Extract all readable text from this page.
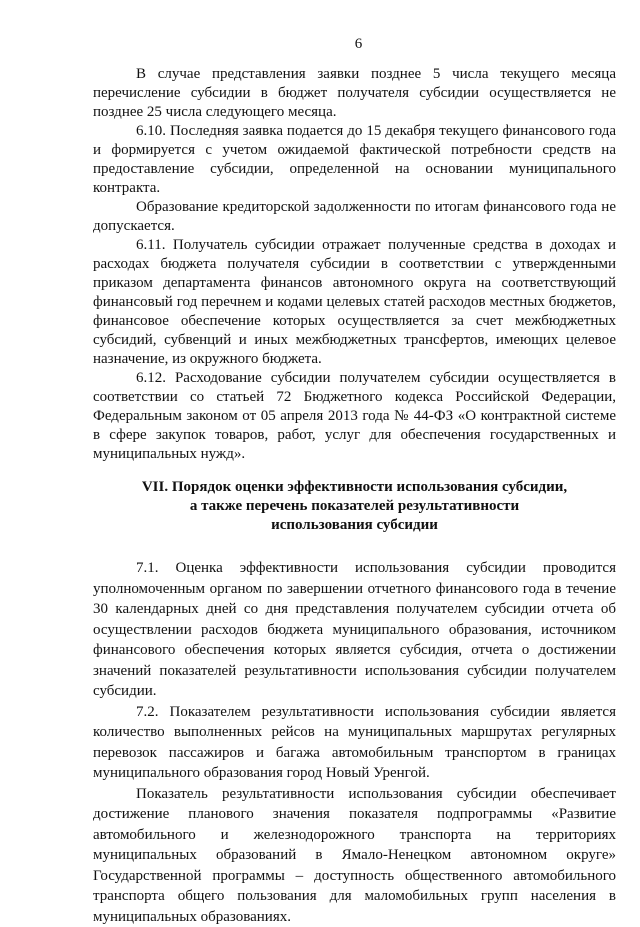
6

В случае представления заявки позднее 5 числа текущего месяца перечисление субсидии в бюджет получателя субсидии осуществляется не позднее 25 числа следующего месяца.

6.10. Последняя заявка подается до 15 декабря текущего финансового года и формируется с учетом ожидаемой фактической потребности средств на предоставление субсидии, определенной на основании муниципального контракта.

Образование кредиторской задолженности по итогам финансового года не допускается.

6.11. Получатель субсидии отражает полученные средства в доходах и расходах бюджета получателя субсидии в соответствии с утвержденными приказом департамента финансов автономного округа на соответствующий финансовый год перечнем и кодами целевых статей расходов местных бюджетов, финансовое обеспечение которых осуществляется за счет межбюджетных субсидий, субвенций и иных межбюджетных трансфертов, имеющих целевое назначение, из окружного бюджета.

6.12. Расходование субсидии получателем субсидии осуществляется в соответствии со статьей 72 Бюджетного кодекса Российской Федерации, Федеральным законом от 05 апреля 2013 года № 44-ФЗ «О контрактной системе в сфере закупок товаров, работ, услуг для обеспечения государственных и муниципальных нужд».

VII. Порядок оценки эффективности использования субсидии,
а также перечень показателей результативности
использования субсидии

7.1. Оценка эффективности использования субсидии проводится уполномоченным органом по завершении отчетного финансового года в течение 30 календарных дней со дня представления получателем субсидии отчета об осуществлении расходов бюджета муниципального образования, источником финансового обеспечения которых является субсидия, отчета о достижении значений показателей результативности использования субсидии получателем субсидии.

7.2. Показателем результативности использования субсидии является количество выполненных рейсов на муниципальных маршрутах регулярных перевозок пассажиров и багажа автомобильным транспортом в границах муниципального образования город Новый Уренгой.

Показатель результативности использования субсидии обеспечивает достижение планового значения показателя подпрограммы «Развитие автомобильного и железнодорожного транспорта на территориях муниципальных образований в Ямало-Ненецком автономном округе» Государственной программы – доступность общественного автомобильного транспорта общего пользования для маломобильных групп населения в муниципальных образованиях.
